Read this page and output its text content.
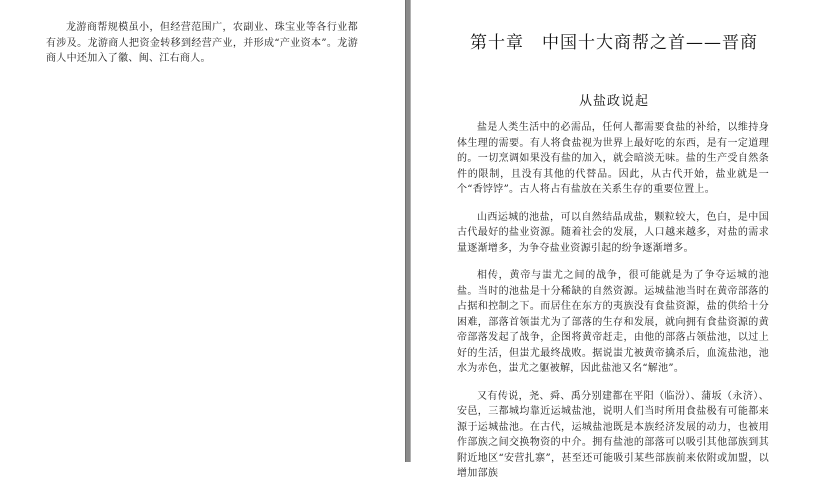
龙游商帮规模虽小，但经营范围广，农副业、珠宝业等各行业都有涉及。龙游商人把资金转移到经营产业，并形成“产业资本”。龙游商人中还加入了徽、闽、江右商人。

第十章　中国十大商帮之首——晋商
从盐政说起

盐是人类生活中的必需品，任何人都需要食盐的补给，以维持身体生理的需要。有人将食盐视为世界上最好吃的东西，是有一定道理的。一切烹调如果没有盐的加入，就会暗淡无味。盐的生产受自然条件的限制，且没有其他的代替品。因此，从古代开始，盐业就是一个“香饽饽”。古人将占有盐放在关系生存的重要位置上。

山西运城的池盐，可以自然结晶成盐，颗粒较大，色白，是中国古代最好的盐业资源。随着社会的发展，人口越来越多，对盐的需求量逐渐增多，为争夺盐业资源引起的纷争逐渐增多。

相传，黄帝与蚩尤之间的战争，很可能就是为了争夺运城的池盐。当时的池盐是十分稀缺的自然资源。运城盐池当时在黄帝部落的占据和控制之下。而居住在东方的夷族没有食盐资源，盐的供给十分困难，部落首领蚩尤为了部落的生存和发展，就向拥有食盐资源的黄帝部落发起了战争，企图将黄帝赶走，由他的部落占领盐池，以过上好的生活，但蚩尤最终战败。据说蚩尤被黄帝擒杀后，血流盐池，池水为赤色，蚩尤之躯被解，因此盐池又名“解池”。

又有传说，尧、舜、禹分别建都在平阳（临汾）、蒲坂（永济）、安邑，三都城均靠近运城盐池，说明人们当时所用食盐极有可能都来源于运城盐池。在古代，运城盐池既是本族经济发展的动力，也被用作部族之间交换物资的中介。拥有盐池的部落可以吸引其他部族到其附近地区“安营扎寨”，甚至还可能吸引某些部族前来依附或加盟，以增加部族
